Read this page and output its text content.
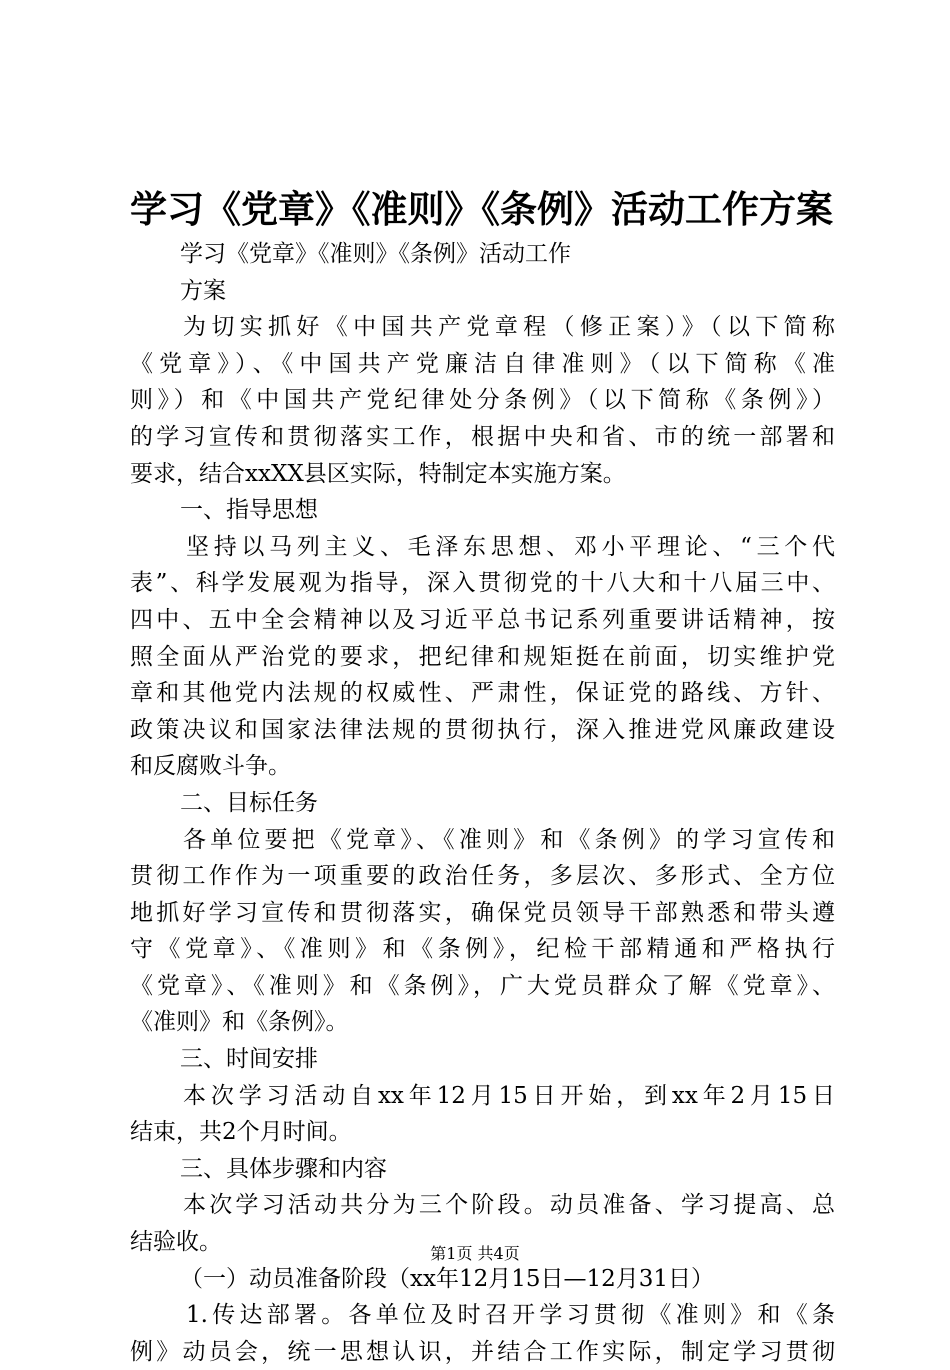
学习《党章》《准则》《条例》活动工作方案
学习《党章》《准则》《条例》活动工作
方案
为切实抓好《中国共产党章程（修正案）》（以下简称
《党章》）、《中国共产党廉洁自律准则》（以下简称《准
则》）和《中国共产党纪律处分条例》（以下简称《条例》）
的学习宣传和贯彻落实工作，根据中央和省、市的统一部署和
要求，结合xxXX县区实际，特制定本实施方案。
一、指导思想
坚持以马列主义、毛泽东思想、邓小平理论、“三个代
表”、科学发展观为指导，深入贯彻党的十八大和十八届三中、
四中、五中全会精神以及习近平总书记系列重要讲话精神，按
照全面从严治党的要求，把纪律和规矩挺在前面，切实维护党
章和其他党内法规的权威性、严肃性，保证党的路线、方针、
政策决议和国家法律法规的贯彻执行，深入推进党风廉政建设
和反腐败斗争。
二、目标任务
各单位要把《党章》、《准则》和《条例》的学习宣传和
贯彻工作作为一项重要的政治任务，多层次、多形式、全方位
地抓好学习宣传和贯彻落实，确保党员领导干部熟悉和带头遵
守《党章》、《准则》和《条例》，纪检干部精通和严格执行
《党章》、《准则》和《条例》，广大党员群众了解《党章》、
《准则》和《条例》。
三、时间安排
本次学习活动自xx年12月15日开始，到xx年2月15日
结束，共2个月时间。
三、具体步骤和内容
本次学习活动共分为三个阶段。动员准备、学习提高、总
结验收。
（一）动员准备阶段（xx年12月15日—12月31日）
1.传达部署。各单位及时召开学习贯彻《准则》和《条
例》动员会，统一思想认识，并结合工作实际，制定学习贯彻
第1页 共4页
